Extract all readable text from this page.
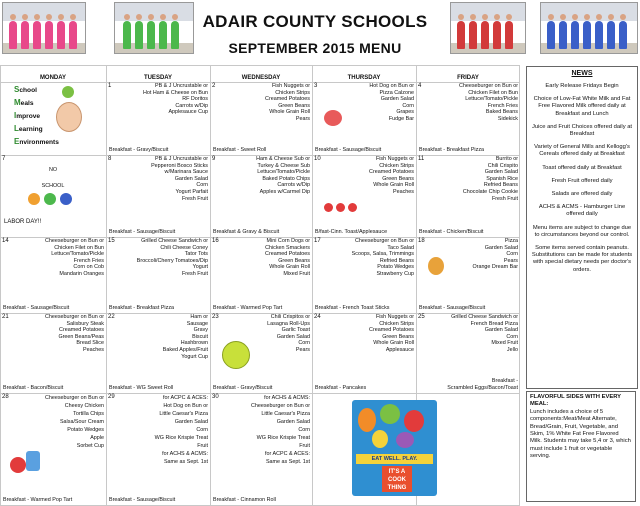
ADAIR COUNTY SCHOOLS
SEPTEMBER 2015 MENU
MONDAY	TUESDAY	WEDNESDAY	THURSDAY	FRIDAY
School
Meals
Improve
Learning
Environments
1	PB & J Uncrustable or
Hot Ham & Cheese on Bun
RF Doritos
Carrots w/Dip
Applesauce Cup
Breakfast - Gravy/Biscuit
2	Fish Nuggets or
Chicken Strips
Creamed Potatoes
Green Beans
Whole Grain Roll
Pears
Breakfast - Sweet Roll
3	Hot Dog on Bun or
Pizza Calzone
Garden Salad
Corn
Grapes
Fudge Bar
Breakfast - Sausage/Biscuit
4	Cheeseburger on Bun or
Chicken Filet on Bun
Lettuce/Tomato/Pickle
French Fries
Baked Beans
Sidekick
Breakfast - Breakfast Pizza
7
NO
SCHOOL
LABOR DAY!!
8	PB & J Uncrustable or
Pepperoni Bosco Sticks
w/Marinara Sauce
Garden Salad
Corn
Yogurt Parfait
Fresh Fruit
Breakfast - Sausage/Biscuit
9	Ham & Cheese Sub or
Turkey & Cheese Sub
Lettuce/Tomato/Pickle
Baked Potato Chips
Carrots w/Dip
Apples w/Carmel Dip
Breakfast & Gravy & Biscuit
10	Fish Nuggets or
Chicken Strips
Creamed Potatoes
Green Beans
Whole Grain Roll
Peaches
B/fast-Cinn. Toast/Applesauce
11	Burrito or
Chili Crispito
Garden Salad
Spanish Rice
Refried Beans
Chocolate Chip Cookie
Fresh Fruit
Breakfast - Chicken/Biscuit
14	Cheeseburger on Bun or
Chicken Filet on Bun
Lettuce/Tomato/Pickle
French Fries
Corn on Cob
Mandarin Oranges
Breakfast - Sausage/Biscuit
15	Grilled Cheese Sandwich or
Chili Cheese Coney
Tator Tots
Broccoli/Cherry Tomatoes/Dip
Yogurt
Fresh Fruit
Breakfast - Breakfast Pizza
16	Mini Corn Dogs or
Chicken Smackers
Creamed Potatoes
Green Beans
Whole Grain Roll
Mixed Fruit
Breakfast - Warmed Pop Tart
17	Cheeseburger on Bun or
Taco Salad
Scoops, Salsa, Trimmings
Refried Beans
Potato Wedges
Strawberry Cup
Breakfast - French Toast Sticks
18	Pizza
Garden Salad
Corn
Pears
Orange Dream Bar
Breakfast - Sausage/Biscuit
21	Cheeseburger on Bun or
Salisbury Steak
Creamed Potatoes
Green Beans/Peas
Bread Slice
Peaches
Breakfast - Bacon/Biscuit
22	Ham or
Sausage
Gravy
Biscuit
Hashbrown
Baked Apples/Fruit
Yogurt Cup
Breakfast - WG Sweet Roll
23	Chili Crispitos or
Lasagna Roll-Ups
Garlic Toast
Garden Salad
Corn
Pears
Breakfast - Gravy/Biscuit
24	Fish Nuggets or
Chicken Strips
Creamed Potatoes
Green Beans
Whole Grain Roll
Applesauce
Breakfast - Pancakes
25	Grilled Cheese Sandwich or
French Bread Pizza
Garden Salad
Corn
Mixed Fruit
Jello
Breakfast -
Scrambled Eggs/Bacon/Toast
28	Cheeseburger on Bun or
Cheesy Chicken
Tortilla Chips
Salsa/Sour Cream
Potato Wedges
Apple
Sorbet Cup
Breakfast - Warmed Pop Tart
29	for ACPC & ACES:
Hot Dog on Bun or
Little Caesar's Pizza
Garden Salad
Corn
WG Rice Krispie Treat
Fruit
for ACHS & ACMS:
Same as Sept. 1st
Breakfast - Sausage/Biscuit
30	for ACHS & ACMS:
Cheeseburger on Bun or
Little Caesar's Pizza
Garden Salad
Corn
WG Rice Krispie Treat
Fruit
for ACPC & ACES:
Same as Sept. 1st
Breakfast - Cinnamon Roll
EAT WELL. PLAY.
IT'S A COOK THING
NEWS
Early Release Fridays Begin
Choice of Low-Fat White Milk and Fat Free Flavored Milk offered daily at Breakfast and Lunch
Juice and Fruit Choices offered daily at Breakfast
Variety of General Mills and Kellogg's Cereals offered daily at Breakfast
Toast offered daily at Breakfast
Fresh Fruit offered daily
Salads are offered daily
ACHS & ACMS - Hamburger Line offered daily
Menu items are subject to change due to circumstances beyond our control.
Some items served contain peanuts. Substitutions can be made for students with special dietary needs per doctor's orders.
FLAVORFUL SIDES WITH EVERY MEAL:
Lunch includes a choice of 5 components:Meat/Meat Alternate, Bread/Grain, Fruit, Vegetable, and Skim, 1% White Fat Free Flavored Milk. Students may take 5,4 or 3, which must include 1 fruit or vegetable serving.
